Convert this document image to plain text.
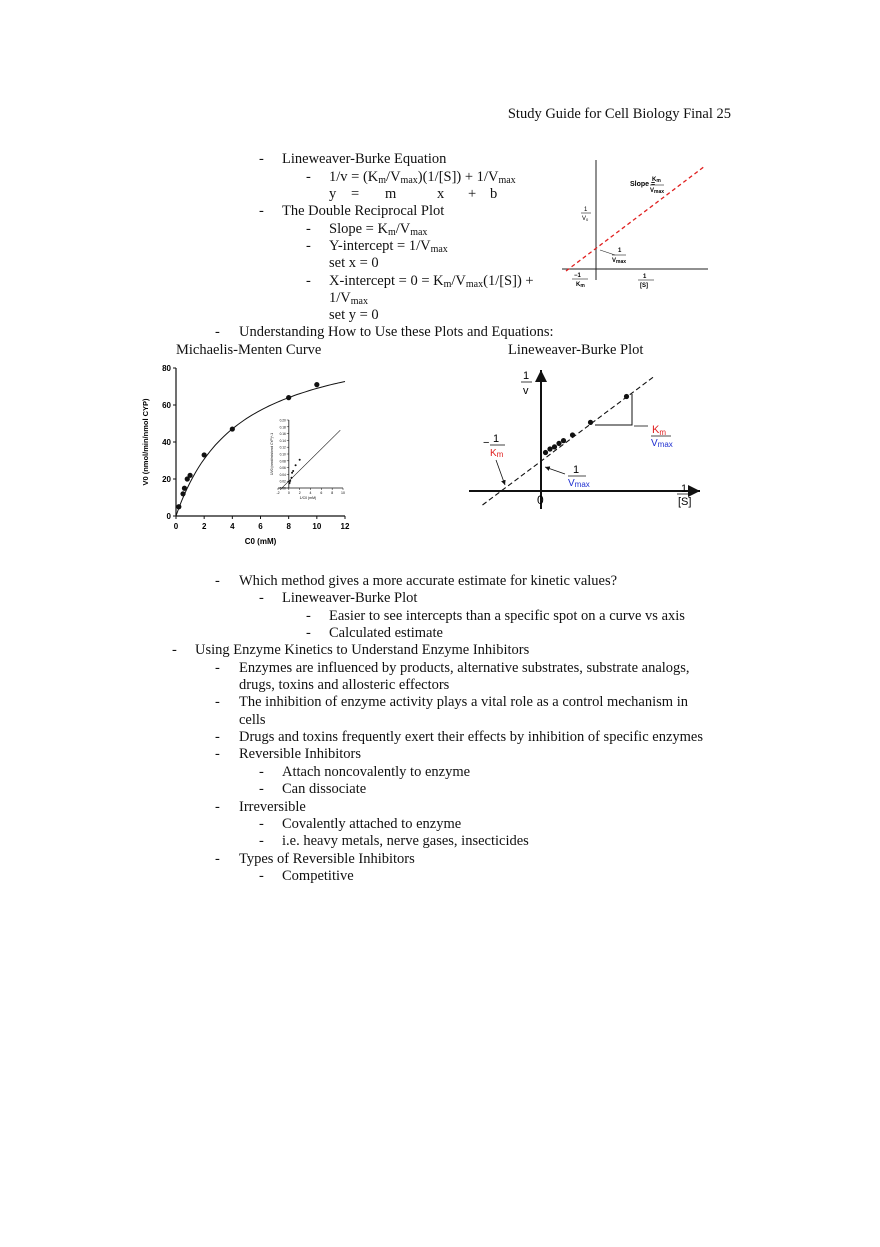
Study Guide for Cell Biology Final 25
- Lineweaver-Burke Equation
- $1/v = (K_m/V_{max})(1/[S]) + 1/V_{max}$
y = m	x + b
- The Double Reciprocal Plot
- Slope = $K_m/V_{max}$
- Y-intercept = $1/V_{max}$
set x = 0
- X-intercept = $0 = K_m/V_{max}(1/[S])$ +
$1/V_{max}$
set y = 0
- Understanding How to Use these Plots and Equations:
Slope =
Km
Vmax
1
V0
1
Vmax
−1
Km
1
[S]
Michaelis-Menten Curve	Lineweaver-Burke Plot
0	2	4	6	8	10 12
0
20
40
60
80
C0 (mM)
V0 (nmol/min/nmol CYP)
0.00
0.02
0.04
0.06
0.08
0.10
0.12
0.14
0.16
0.18
0.20
-2 0	2	4	6	8 10
1/C0 (mM)
1/V0 (nmol/min/nmol CYP)^-1
1
v
1
[S]
0
Km
Vmax
1
Vmax
− 1
Km
- Which method gives a more accurate estimate for kinetic values?
- Lineweaver-Burke Plot
- Easier to see intercepts than a specific spot on a curve vs axis
- Calculated estimate
- Using Enzyme Kinetics to Understand Enzyme Inhibitors
- Enzymes are influenced by products, alternative substrates, substrate analogs,
drugs, toxins and allosteric effectors
- The inhibition of enzyme activity plays a vital role as a control mechanism in
cells
- Drugs and toxins frequently exert their effects by inhibition of specific enzymes
- Reversible Inhibitors
- Attach noncovalently to enzyme
- Can dissociate
- Irreversible
- Covalently attached to enzyme
- i.e. heavy metals, nerve gases, insecticides
- Types of Reversible Inhibitors
- Competitive
